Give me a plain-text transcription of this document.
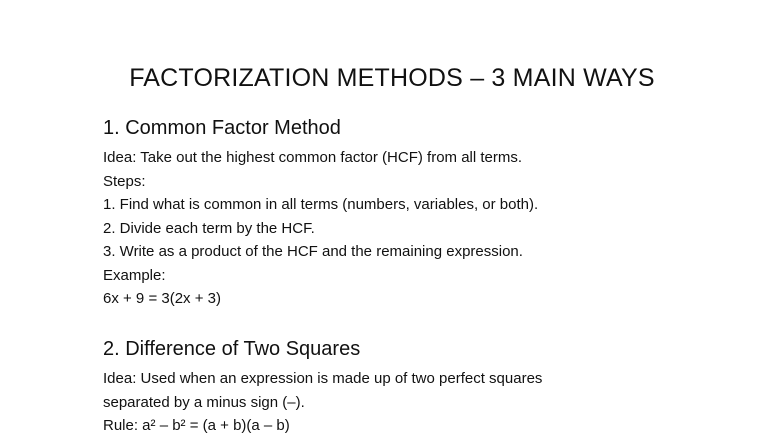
FACTORIZATION METHODS – 3 MAIN WAYS
1. Common Factor Method
Idea: Take out the highest common factor (HCF) from all terms.
Steps:
1. Find what is common in all terms (numbers, variables, or both).
2. Divide each term by the HCF.
3. Write as a product of the HCF and the remaining expression.
Example:
6x + 9 = 3(2x + 3)
2. Difference of Two Squares
Idea: Used when an expression is made up of two perfect squares
separated by a minus sign (–).
Rule: a² – b² = (a + b)(a – b)
